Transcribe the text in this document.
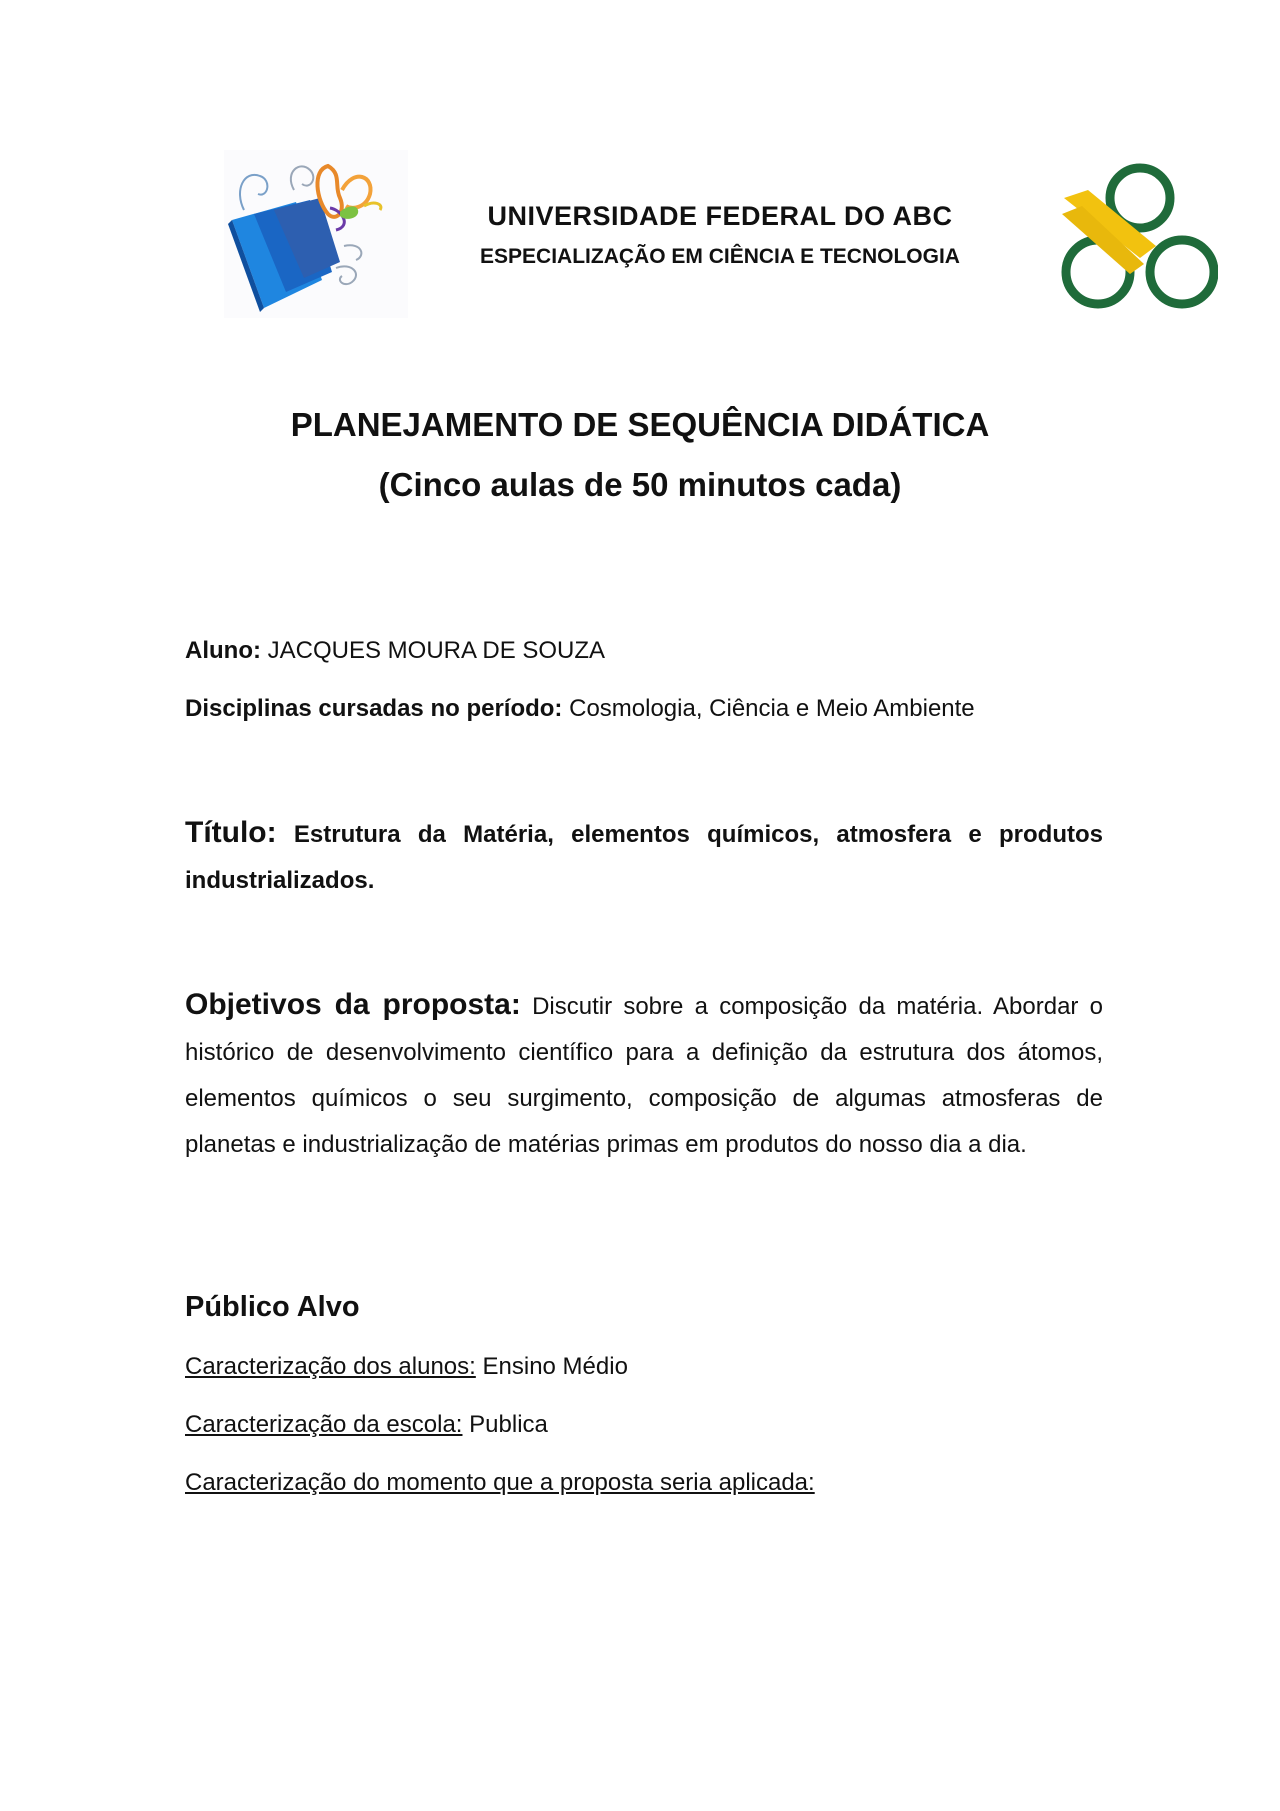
UNIVERSIDADE FEDERAL DO ABC
ESPECIALIZAÇÃO EM CIÊNCIA E TECNOLOGIA
PLANEJAMENTO DE SEQUÊNCIA DIDÁTICA
(Cinco aulas de 50 minutos cada)
Aluno: JACQUES MOURA DE SOUZA
Disciplinas cursadas no período: Cosmologia, Ciência e Meio Ambiente
Título: Estrutura da Matéria, elementos químicos, atmosfera e produtos industrializados.
Objetivos da proposta: Discutir sobre a composição da matéria. Abordar o histórico de desenvolvimento científico para a definição da estrutura dos átomos, elementos químicos o seu surgimento, composição de algumas atmosferas de planetas e industrialização de matérias primas em produtos do nosso dia a dia.
Público Alvo
Caracterização dos alunos: Ensino Médio
Caracterização da escola: Publica
Caracterização do momento que a proposta seria aplicada:
